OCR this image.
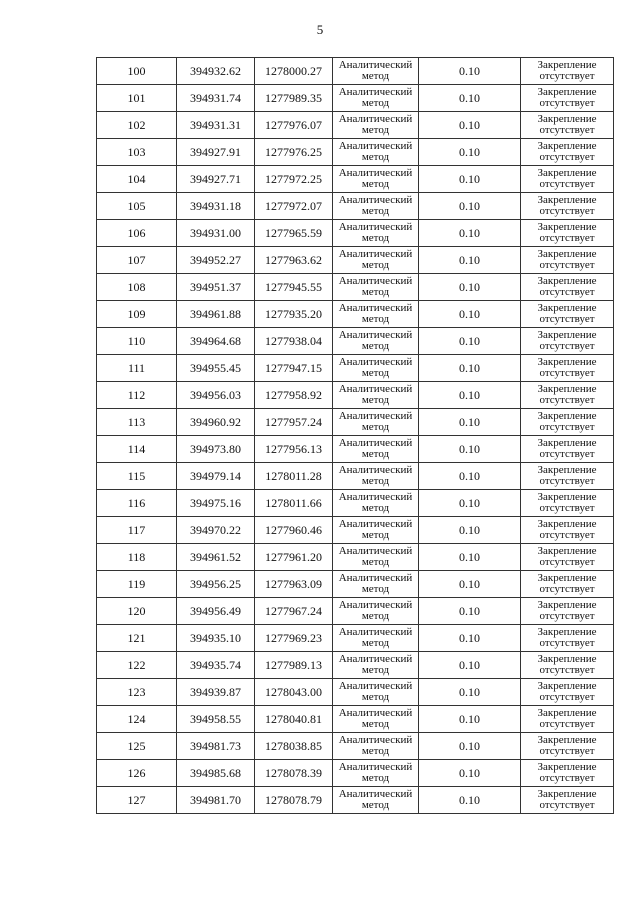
5
100	394932.62	1278000.27	Аналитический метод	0.10	Закрепление отсутствует
101	394931.74	1277989.35	Аналитический метод	0.10	Закрепление отсутствует
102	394931.31	1277976.07	Аналитический метод	0.10	Закрепление отсутствует
103	394927.91	1277976.25	Аналитический метод	0.10	Закрепление отсутствует
104	394927.71	1277972.25	Аналитический метод	0.10	Закрепление отсутствует
105	394931.18	1277972.07	Аналитический метод	0.10	Закрепление отсутствует
106	394931.00	1277965.59	Аналитический метод	0.10	Закрепление отсутствует
107	394952.27	1277963.62	Аналитический метод	0.10	Закрепление отсутствует
108	394951.37	1277945.55	Аналитический метод	0.10	Закрепление отсутствует
109	394961.88	1277935.20	Аналитический метод	0.10	Закрепление отсутствует
110	394964.68	1277938.04	Аналитический метод	0.10	Закрепление отсутствует
111	394955.45	1277947.15	Аналитический метод	0.10	Закрепление отсутствует
112	394956.03	1277958.92	Аналитический метод	0.10	Закрепление отсутствует
113	394960.92	1277957.24	Аналитический метод	0.10	Закрепление отсутствует
114	394973.80	1277956.13	Аналитический метод	0.10	Закрепление отсутствует
115	394979.14	1278011.28	Аналитический метод	0.10	Закрепление отсутствует
116	394975.16	1278011.66	Аналитический метод	0.10	Закрепление отсутствует
117	394970.22	1277960.46	Аналитический метод	0.10	Закрепление отсутствует
118	394961.52	1277961.20	Аналитический метод	0.10	Закрепление отсутствует
119	394956.25	1277963.09	Аналитический метод	0.10	Закрепление отсутствует
120	394956.49	1277967.24	Аналитический метод	0.10	Закрепление отсутствует
121	394935.10	1277969.23	Аналитический метод	0.10	Закрепление отсутствует
122	394935.74	1277989.13	Аналитический метод	0.10	Закрепление отсутствует
123	394939.87	1278043.00	Аналитический метод	0.10	Закрепление отсутствует
124	394958.55	1278040.81	Аналитический метод	0.10	Закрепление отсутствует
125	394981.73	1278038.85	Аналитический метод	0.10	Закрепление отсутствует
126	394985.68	1278078.39	Аналитический метод	0.10	Закрепление отсутствует
127	394981.70	1278078.79	Аналитический метод	0.10	Закрепление отсутствует
